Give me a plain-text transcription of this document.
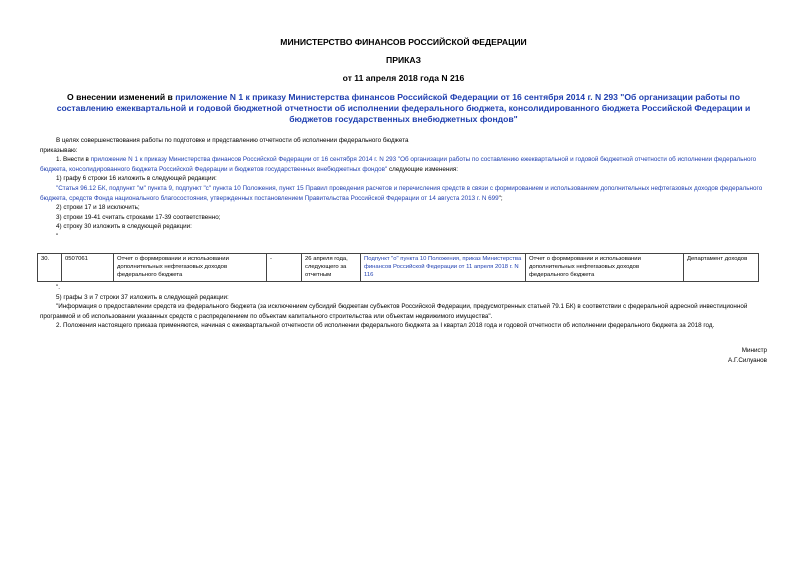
МИНИСТЕРСТВО ФИНАНСОВ РОССИЙСКОЙ ФЕДЕРАЦИИ
ПРИКАЗ
от 11 апреля 2018 года N 216
О внесении изменений в приложение N 1 к приказу Министерства финансов Российской Федерации от 16 сентября 2014 г. N 293 "Об организации работы по составлению ежеквартальной и годовой бюджетной отчетности об исполнении федерального бюджета, консолидированного бюджета Российской Федерации и бюджетов государственных внебюджетных фондов"

В целях совершенствования работы по подготовке и представлению отчетности об исполнении федерального бюджета

приказываю:

1. Внести в приложение N 1 к приказу Министерства финансов Российской Федерации от 16 сентября 2014 г. N 293 "Об организации работы по составлению ежеквартальной и годовой бюджетной отчетности об исполнении федерального бюджета, консолидированного бюджета Российской Федерации и бюджетов государственных внебюджетных фондов" следующие изменения:

1) графу 6 строки 16 изложить в следующей редакции:

"Статья 96.12 БК, подпункт "м" пункта 9, подпункт "с" пункта 10 Положения, пункт 15 Правил проведения расчетов и перечисления средств в связи с формированием и использованием дополнительных нефтегазовых доходов федерального бюджета, средств Фонда национального благосостояния, утвержденных постановлением Правительства Российской Федерации от 14 августа 2013 г. N 699";

2) строки 17 и 18 исключить;

3) строки 19-41 считать строками 17-39 соответственно;

4) строку 30 изложить в следующей редакции:

"

30.	0507061	Отчет о формировании и использовании дополнительных нефтегазовых доходов федерального бюджета	-	26 апреля года, следующего за отчетным	Подпункт "о" пункта 10 Положения, приказ Министерства финансов Российской Федерации от 11 апреля 2018 г. N 116	Отчет о формировании и использовании дополнительных нефтегазовых доходов федерального бюджета	Департамент доходов

".

5) графы 3 и 7 строки 37 изложить в следующей редакции:

"Информация о предоставлении средств из федерального бюджета (за исключением субсидий бюджетам субъектов Российской Федерации, предусмотренных статьей 79.1 БК) в соответствии с федеральной адресной инвестиционной программой и об использовании указанных средств с распределением по объектам капитального строительства или объектам недвижимого имущества".

2. Положения настоящего приказа применяются, начиная с ежеквартальной отчетности об исполнении федерального бюджета за I квартал 2018 года и годовой отчетности об исполнении федерального бюджета за 2018 год.

Министр
А.Г.Силуанов
